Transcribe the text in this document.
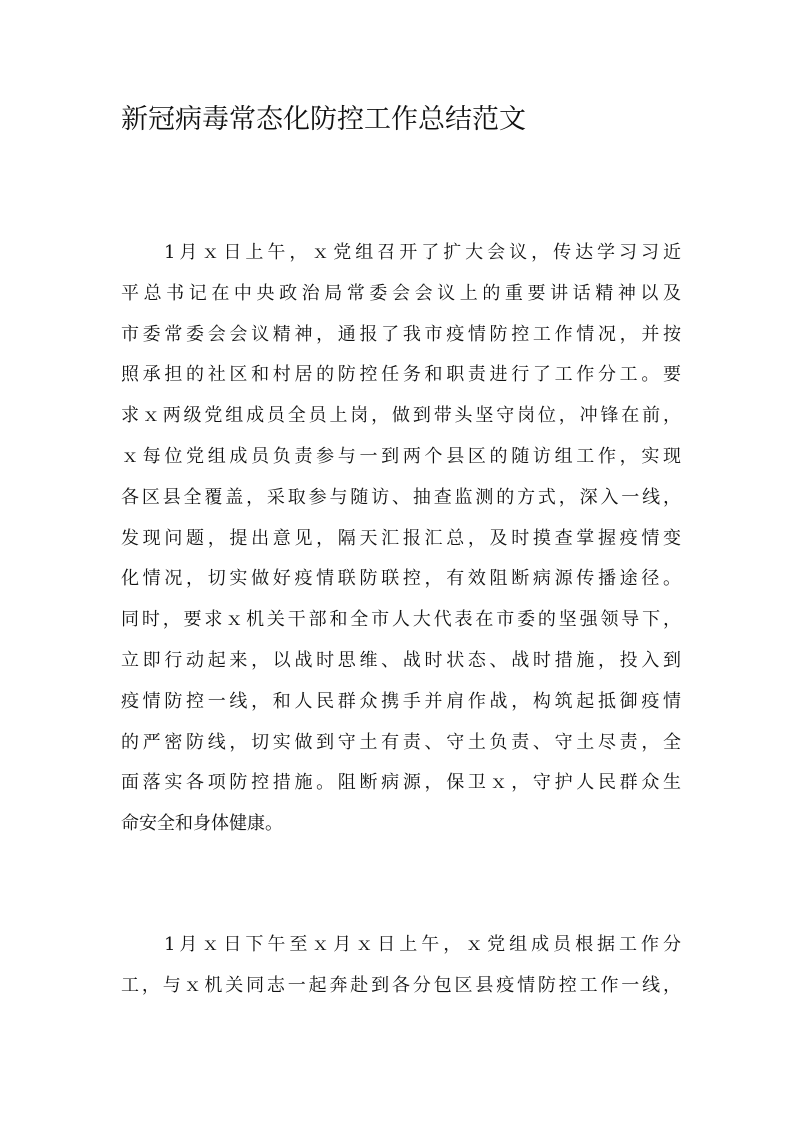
新冠病毒常态化防控工作总结范文
1月ｘ日上午，ｘ党组召开了扩大会议，传达学习习近
平总书记在中央政治局常委会会议上的重要讲话精神以及
市委常委会会议精神，通报了我市疫情防控工作情况，并按
照承担的社区和村居的防控任务和职责进行了工作分工。要
求ｘ两级党组成员全员上岗，做到带头坚守岗位，冲锋在前，
ｘ每位党组成员负责参与一到两个县区的随访组工作，实现
各区县全覆盖，采取参与随访、抽查监测的方式，深入一线，
发现问题，提出意见，隔天汇报汇总，及时摸查掌握疫情变
化情况，切实做好疫情联防联控，有效阻断病源传播途径。
同时，要求ｘ机关干部和全市人大代表在市委的坚强领导下，
立即行动起来，以战时思维、战时状态、战时措施，投入到
疫情防控一线，和人民群众携手并肩作战，构筑起抵御疫情
的严密防线，切实做到守土有责、守土负责、守土尽责，全
面落实各项防控措施。阻断病源，保卫ｘ，守护人民群众生
命安全和身体健康。
1月ｘ日下午至ｘ月ｘ日上午，ｘ党组成员根据工作分
工，与ｘ机关同志一起奔赴到各分包区县疫情防控工作一线，
